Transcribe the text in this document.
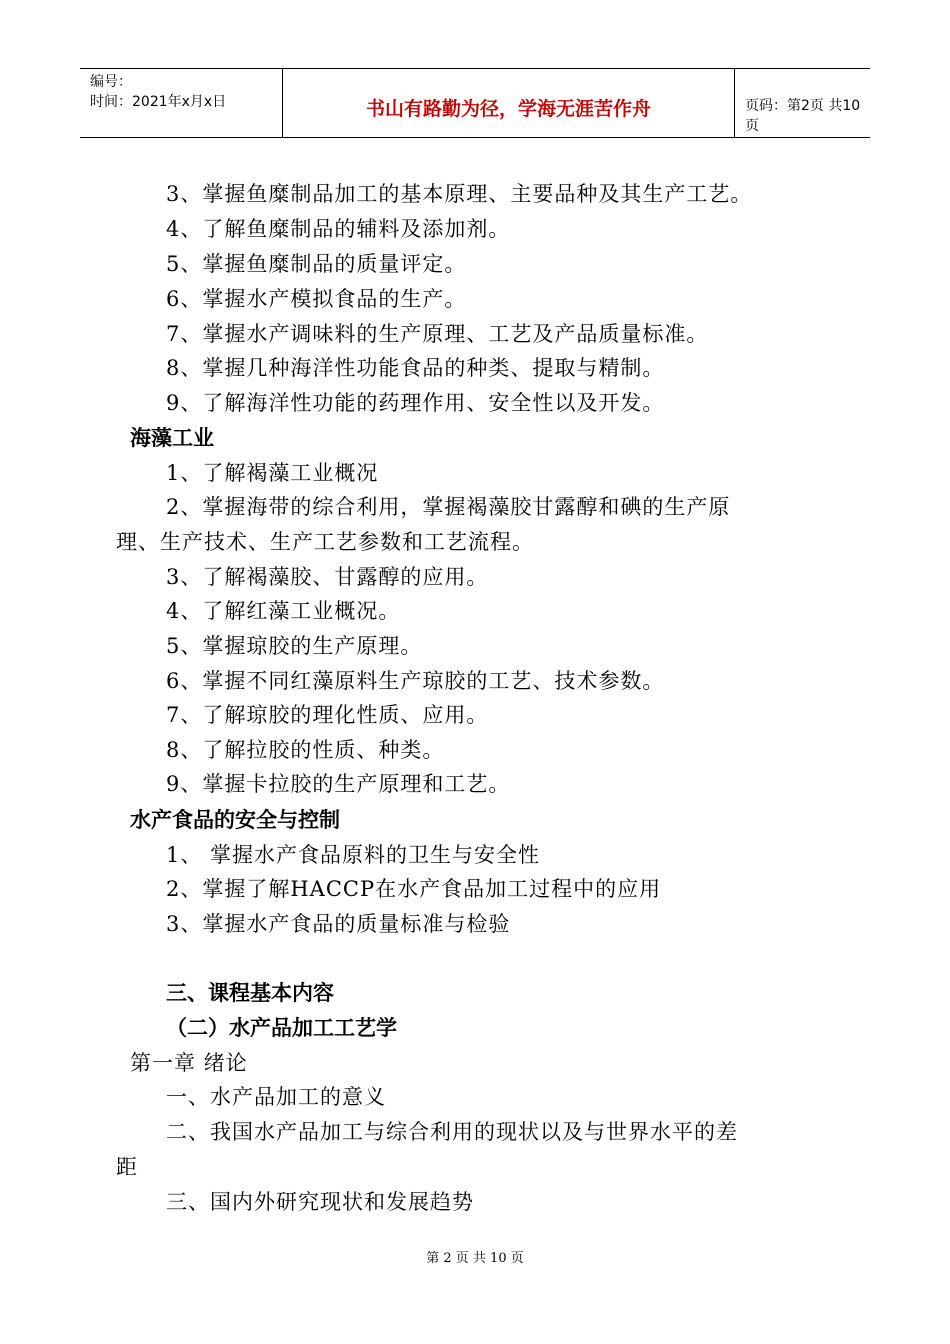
编号：
时间：2021年x月x日	书山有路勤为径，学海无涯苦作舟	页码：第2页 共10页
3、掌握鱼糜制品加工的基本原理、主要品种及其生产工艺。
4、了解鱼糜制品的辅料及添加剂。
5、掌握鱼糜制品的质量评定。
6、掌握水产模拟食品的生产。
7、掌握水产调味料的生产原理、工艺及产品质量标准。
8、掌握几种海洋性功能食品的种类、提取与精制。
9、了解海洋性功能的药理作用、安全性以及开发。
海藻工业
1、了解褐藻工业概况
2、掌握海带的综合利用，掌握褐藻胶甘露醇和碘的生产原
理、生产技术、生产工艺参数和工艺流程。
3、了解褐藻胶、甘露醇的应用。
4、了解红藻工业概况。
5、掌握琼胶的生产原理。
6、掌握不同红藻原料生产琼胶的工艺、技术参数。
7、了解琼胶的理化性质、应用。
8、了解拉胶的性质、种类。
9、掌握卡拉胶的生产原理和工艺。
水产食品的安全与控制
1、 掌握水产食品原料的卫生与安全性
2、掌握了解HACCP在水产食品加工过程中的应用
3、掌握水产食品的质量标准与检验
三、课程基本内容
（二）水产品加工工艺学
第一章 绪论
一、水产品加工的意义
二、我国水产品加工与综合利用的现状以及与世界水平的差
距
三、国内外研究现状和发展趋势
第 2 页 共 10 页
